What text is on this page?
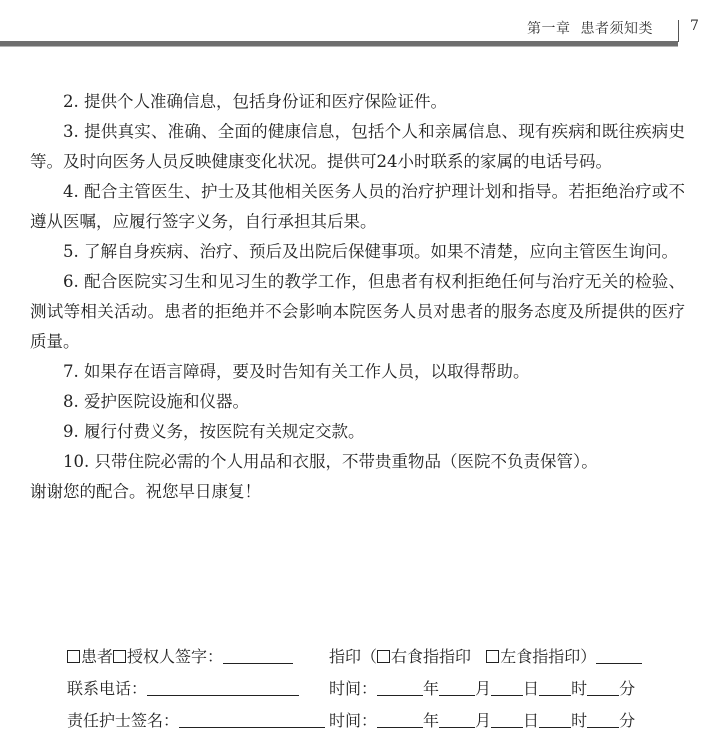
第一章 患者须知类	7

2. 提供个人准确信息，包括身份证和医疗保险证件。

3. 提供真实、准确、全面的健康信息，包括个人和亲属信息、现有疾病和既往疾病史等。及时向医务人员反映健康变化状况。提供可24小时联系的家属的电话号码。

4. 配合主管医生、护士及其他相关医务人员的治疗护理计划和指导。若拒绝治疗或不遵从医嘱，应履行签字义务，自行承担其后果。

5. 了解自身疾病、治疗、预后及出院后保健事项。如果不清楚，应向主管医生询问。

6. 配合医院实习生和见习生的教学工作，但患者有权利拒绝任何与治疗无关的检验、测试等相关活动。患者的拒绝并不会影响本院医务人员对患者的服务态度及所提供的医疗质量。

7. 如果存在语言障碍，要及时告知有关工作人员，以取得帮助。

8. 爱护医院设施和仪器。

9. 履行付费义务，按医院有关规定交款。

10. 只带住院必需的个人用品和衣服，不带贵重物品（医院不负责保管）。

谢谢您的配合。祝您早日康复！

患者 授权人签字：	指印（ 右食指指印 左食指指印）
联系电话：	时间：	年 月 日 时 分
责任护士签名：	时间：	年 月 日 时 分
